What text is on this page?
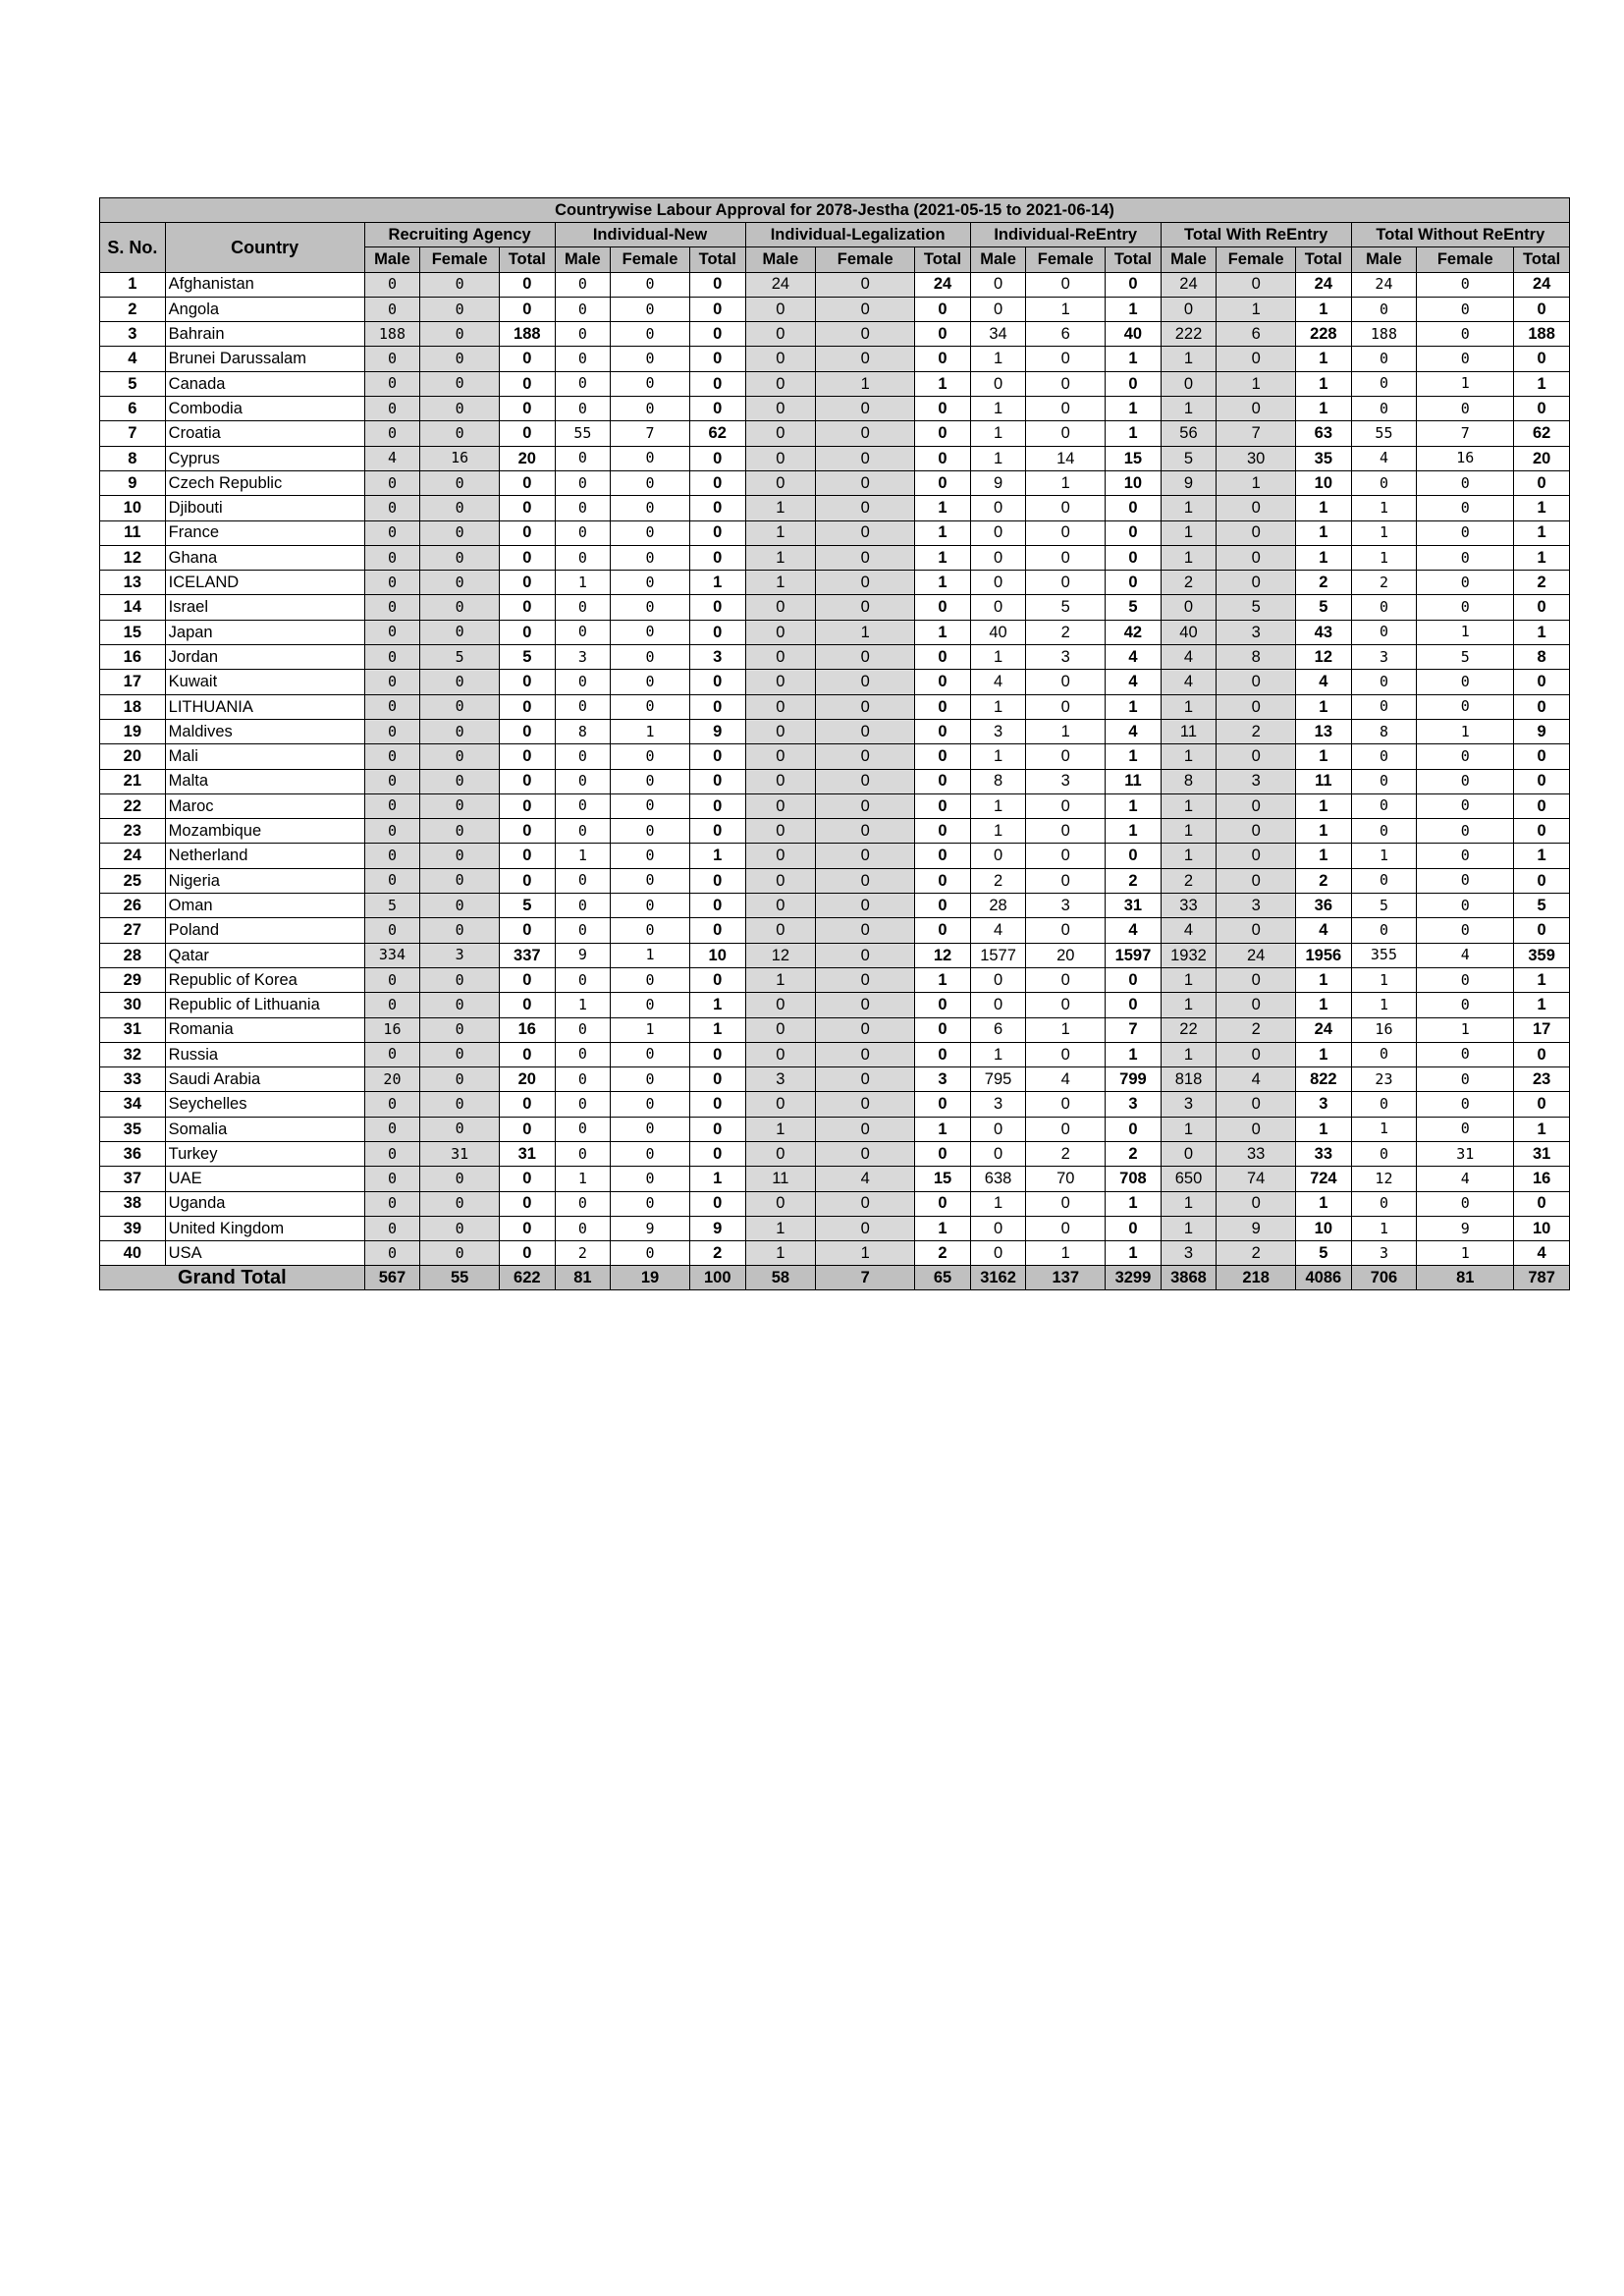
Countrywise Labour Approval for 2078-Jestha (2021-05-15 to 2021-06-14)																			
S. No.	Country	Recruiting Agency			Individual-New			Individual-Legalization			Individual-ReEntry			Total With ReEntry			Total Without ReEntry		
		Male	Female	Total	Male	Female	Total	Male	Female	Total	Male	Female	Total	Male	Female	Total	Male	Female	Total
1	Afghanistan	0	0	0	0	0	0	24	0	24	0	0	0	24	0	24	24	0	24
2	Angola	0	0	0	0	0	0	0	0	0	0	1	1	0	1	1	0	0	0
3	Bahrain	188	0	188	0	0	0	0	0	0	34	6	40	222	6	228	188	0	188
4	Brunei Darussalam	0	0	0	0	0	0	0	0	0	1	0	1	1	0	1	0	0	0
5	Canada	0	0	0	0	0	0	0	1	1	0	0	0	0	1	1	0	1	1
6	Combodia	0	0	0	0	0	0	0	0	0	1	0	1	1	0	1	0	0	0
7	Croatia	0	0	0	55	7	62	0	0	0	1	0	1	56	7	63	55	7	62
8	Cyprus	4	16	20	0	0	0	0	0	0	1	14	15	5	30	35	4	16	20
9	Czech Republic	0	0	0	0	0	0	0	0	0	9	1	10	9	1	10	0	0	0
10	Djibouti	0	0	0	0	0	0	1	0	1	0	0	0	1	0	1	1	0	1
11	France	0	0	0	0	0	0	1	0	1	0	0	0	1	0	1	1	0	1
12	Ghana	0	0	0	0	0	0	1	0	1	0	0	0	1	0	1	1	0	1
13	ICELAND	0	0	0	1	0	1	1	0	1	0	0	0	2	0	2	2	0	2
14	Israel	0	0	0	0	0	0	0	0	0	0	5	5	0	5	5	0	0	0
15	Japan	0	0	0	0	0	0	0	1	1	40	2	42	40	3	43	0	1	1
16	Jordan	0	5	5	3	0	3	0	0	0	1	3	4	4	8	12	3	5	8
17	Kuwait	0	0	0	0	0	0	0	0	0	4	0	4	4	0	4	0	0	0
18	LITHUANIA	0	0	0	0	0	0	0	0	0	1	0	1	1	0	1	0	0	0
19	Maldives	0	0	0	8	1	9	0	0	0	3	1	4	11	2	13	8	1	9
20	Mali	0	0	0	0	0	0	0	0	0	1	0	1	1	0	1	0	0	0
21	Malta	0	0	0	0	0	0	0	0	0	8	3	11	8	3	11	0	0	0
22	Maroc	0	0	0	0	0	0	0	0	0	1	0	1	1	0	1	0	0	0
23	Mozambique	0	0	0	0	0	0	0	0	0	1	0	1	1	0	1	0	0	0
24	Netherland	0	0	0	1	0	1	0	0	0	0	0	0	1	0	1	1	0	1
25	Nigeria	0	0	0	0	0	0	0	0	0	2	0	2	2	0	2	0	0	0
26	Oman	5	0	5	0	0	0	0	0	0	28	3	31	33	3	36	5	0	5
27	Poland	0	0	0	0	0	0	0	0	0	4	0	4	4	0	4	0	0	0
28	Qatar	334	3	337	9	1	10	12	0	12	1577	20	1597	1932	24	1956	355	4	359
29	Republic of Korea	0	0	0	0	0	0	1	0	1	0	0	0	1	0	1	1	0	1
30	Republic of Lithuania	0	0	0	1	0	1	0	0	0	0	0	0	1	0	1	1	0	1
31	Romania	16	0	16	0	1	1	0	0	0	6	1	7	22	2	24	16	1	17
32	Russia	0	0	0	0	0	0	0	0	0	1	0	1	1	0	1	0	0	0
33	Saudi Arabia	20	0	20	0	0	0	3	0	3	795	4	799	818	4	822	23	0	23
34	Seychelles	0	0	0	0	0	0	0	0	0	3	0	3	3	0	3	0	0	0
35	Somalia	0	0	0	0	0	0	1	0	1	0	0	0	1	0	1	1	0	1
36	Turkey	0	31	31	0	0	0	0	0	0	0	2	2	0	33	33	0	31	31
37	UAE	0	0	0	1	0	1	11	4	15	638	70	708	650	74	724	12	4	16
38	Uganda	0	0	0	0	0	0	0	0	0	1	0	1	1	0	1	0	0	0
39	United Kingdom	0	0	0	0	9	9	1	0	1	0	0	0	1	9	10	1	9	10
40	USA	0	0	0	2	0	2	1	1	2	0	1	1	3	2	5	3	1	4
Grand Total		567	55	622	81	19	100	58	7	65	3162	137	3299	3868	218	4086	706	81	787
